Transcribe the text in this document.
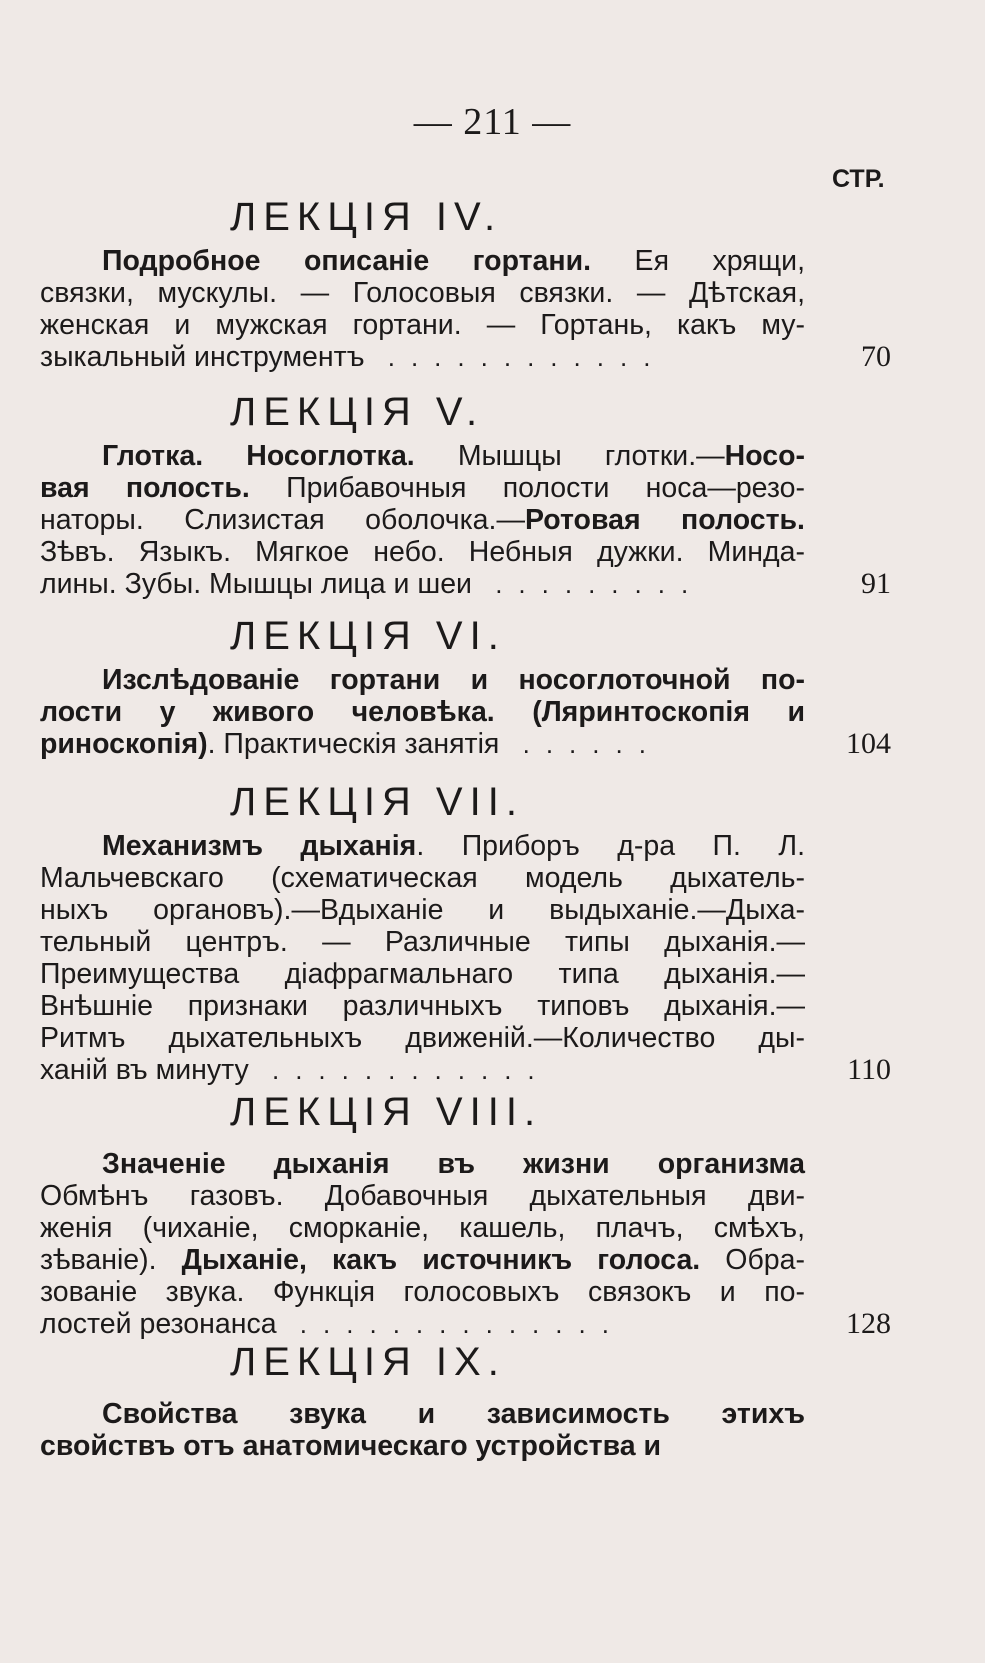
— 211 —
СТР.
ЛЕКЦІЯ IV.
Подробное описаніе гортани. Ея хрящи,
связки, мускулы. — Голосовыя связки. — Дѣтская,
женская и мужская гортани. — Гортань, какъ му-
зыкальный инструментъ ............	70
ЛЕКЦІЯ V.
Глотка. Носоглотка. Мышцы глотки.—Носо-
вая полость. Прибавочныя полости носа—резо-
наторы. Слизистая оболочка.—Ротовая полость.
Зѣвъ. Языкъ. Мягкое небо. Небныя дужки. Минда-
лины. Зубы. Мышцы лица и шеи .........	91
ЛЕКЦІЯ VI.
Изслѣдованіе гортани и носоглоточной по-
лости у живого человѣка. (Ляринтоскопія и
риноскопія). Практическія занятія ......	104
ЛЕКЦІЯ VII.
Механизмъ дыханія. Приборъ д-ра П. Л.
Мальчевскаго (схематическая модель дыхатель-
ныхъ органовъ).—Вдыханіе и выдыханіе.—Дыха-
тельный центръ. — Различные типы дыханія.—
Преимущества діафрагмальнаго типа дыханія.—
Внѣшніе признаки различныхъ типовъ дыханія.—
Ритмъ дыхательныхъ движеній.—Количество ды-
ханій въ минуту ............	110
ЛЕКЦІЯ VIII.
Значеніе дыханія въ жизни организма
Обмѣнъ газовъ. Добавочныя дыхательныя дви-
женія (чиханіе, сморканіе, кашель, плачъ, смѣхъ,
зѣваніе). Дыханіе, какъ источникъ голоса. Обра-
зованіе звука. Функція голосовыхъ связокъ и по-
лостей резонанса ..............	128
ЛЕКЦІЯ IX.
Свойства звука и зависимость этихъ
свойствъ отъ анатомическаго устройства и
